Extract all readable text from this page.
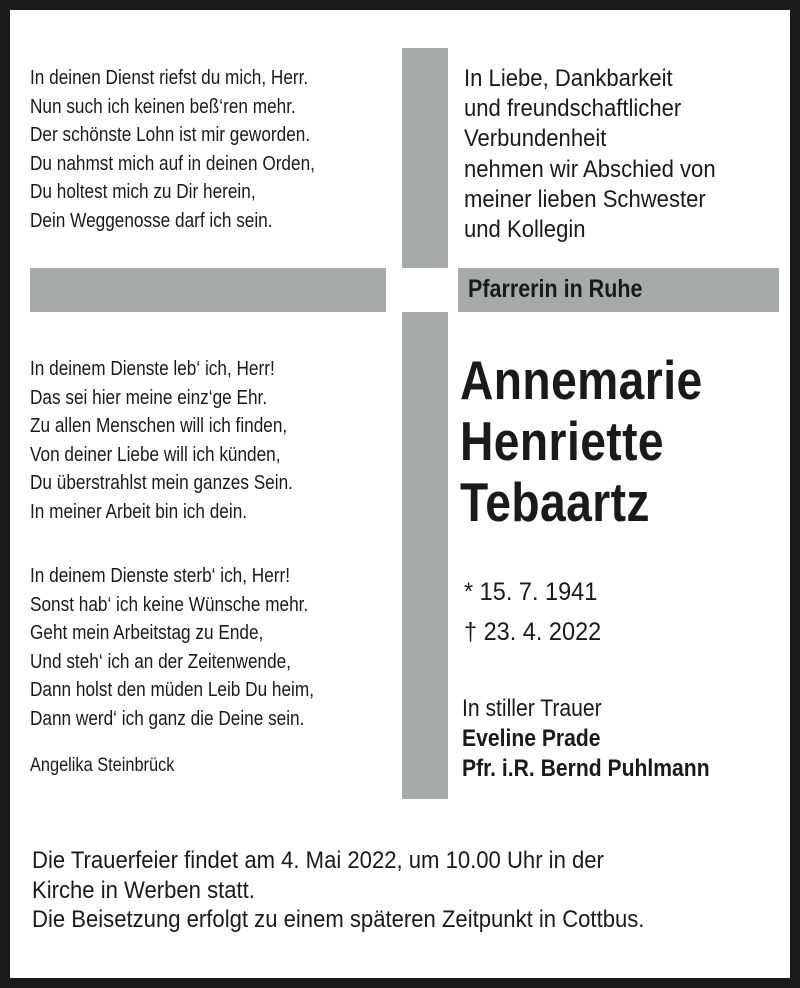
In deinen Dienst riefst du mich, Herr.
Nun such ich keinen beß‘ren mehr.
Der schönste Lohn ist mir geworden.
Du nahmst mich auf in deinen Orden,
Du holtest mich zu Dir herein,
Dein Weggenosse darf ich sein.
In deinem Dienste leb‘ ich, Herr!
Das sei hier meine einz‘ge Ehr.
Zu allen Menschen will ich finden,
Von deiner Liebe will ich künden,
Du überstrahlst mein ganzes Sein.
In meiner Arbeit bin ich dein.
In deinem Dienste sterb‘ ich, Herr!
Sonst hab‘ ich keine Wünsche mehr.
Geht mein Arbeitstag zu Ende,
Und steh‘ ich an der Zeitenwende,
Dann holst den müden Leib Du heim,
Dann werd‘ ich ganz die Deine sein.
Angelika Steinbrück
In Liebe, Dankbarkeit
und freundschaftlicher
Verbundenheit
nehmen wir Abschied von
meiner lieben Schwester
und Kollegin
Pfarrerin in Ruhe
Annemarie
Henriette
Tebaartz
* 15. 7. 1941
† 23. 4. 2022
In stiller Trauer
Eveline Prade
Pfr. i.R. Bernd Puhlmann
Die Trauerfeier findet am 4. Mai 2022, um 10.00 Uhr in der
Kirche in Werben statt.
Die Beisetzung erfolgt zu einem späteren Zeitpunkt in Cottbus.
